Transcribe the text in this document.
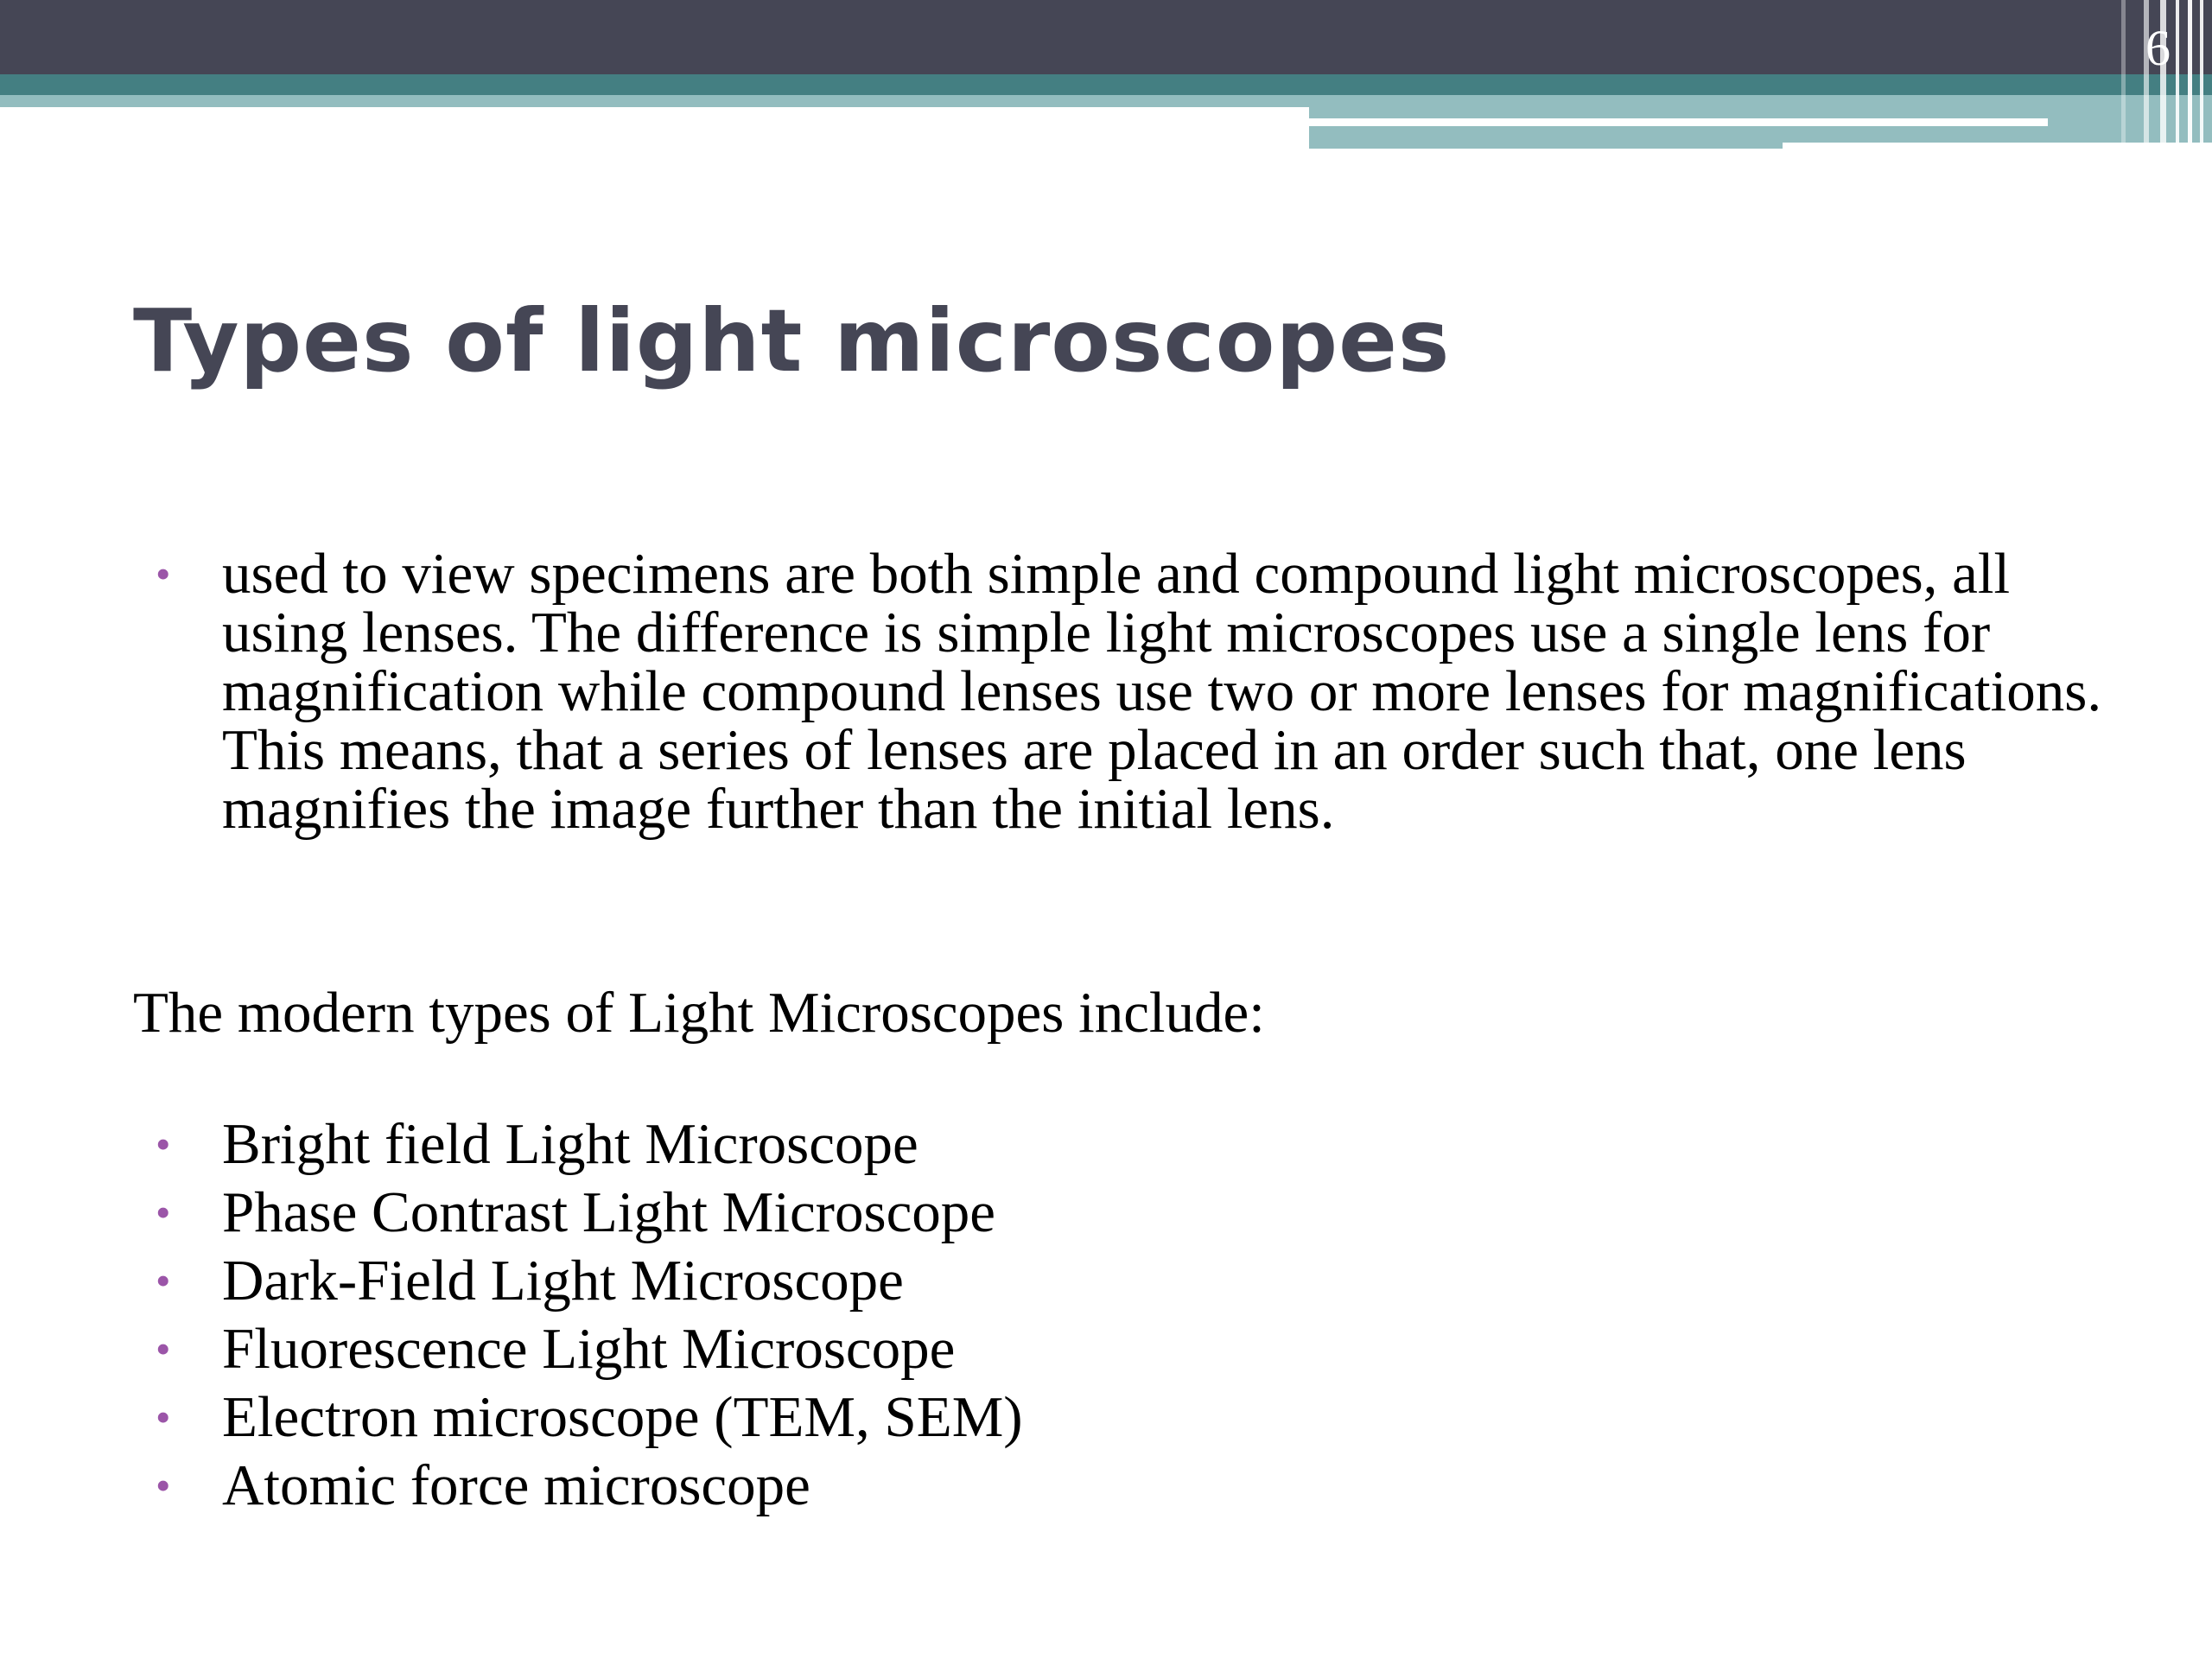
6
Types of light microscopes
• used to view specimens are both simple and compound light microscopes, all using lenses. The difference is simple light microscopes use a single lens for magnification while compound lenses use two or more lenses for magnifications. This means, that a series of lenses are placed in an order such that, one lens magnifies the image further than the initial lens.

The modern types of Light Microscopes include:

• Bright field Light Microscope
• Phase Contrast Light Microscope
• Dark-Field Light Microscope
• Fluorescence Light Microscope
• Electron microscope (TEM, SEM)
• Atomic force microscope
